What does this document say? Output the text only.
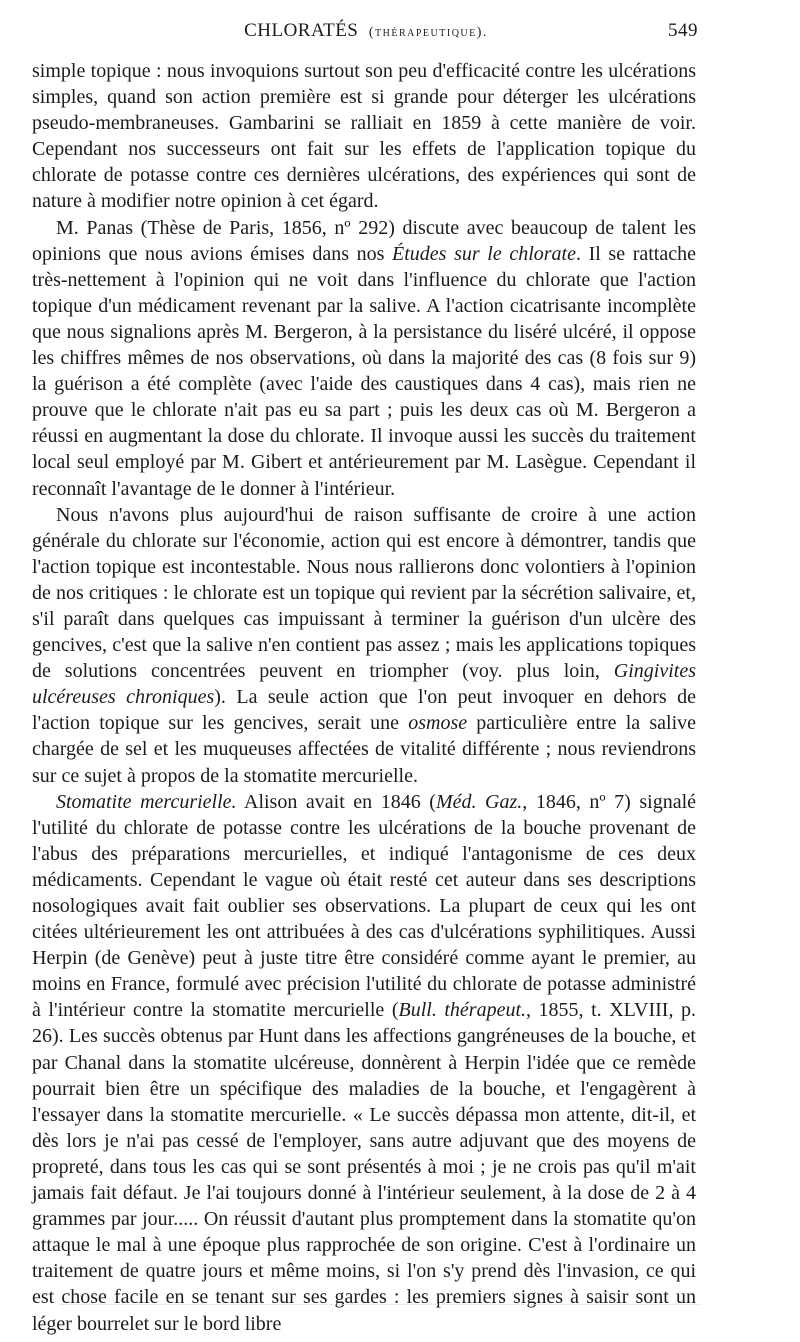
CHLORATÉS (thérapeutique).	549

simple topique : nous invoquions surtout son peu d'efficacité contre les ulcérations simples, quand son action première est si grande pour déterger les ulcérations pseudo-membraneuses. Gambarini se ralliait en 1859 à cette manière de voir. Cependant nos successeurs ont fait sur les effets de l'application topique du chlorate de potasse contre ces dernières ulcérations, des expériences qui sont de nature à modifier notre opinion à cet égard.

M. Panas (Thèse de Paris, 1856, nº 292) discute avec beaucoup de talent les opinions que nous avions émises dans nos Études sur le chlorate. Il se rattache très-nettement à l'opinion qui ne voit dans l'influence du chlorate que l'action topique d'un médicament revenant par la salive. A l'action cicatrisante incomplète que nous signalions après M. Bergeron, à la persistance du liséré ulcéré, il oppose les chiffres mêmes de nos observations, où dans la majorité des cas (8 fois sur 9) la guérison a été complète (avec l'aide des caustiques dans 4 cas), mais rien ne prouve que le chlorate n'ait pas eu sa part ; puis les deux cas où M. Bergeron a réussi en augmentant la dose du chlorate. Il invoque aussi les succès du traitement local seul employé par M. Gibert et antérieurement par M. Lasègue. Cependant il reconnaît l'avantage de le donner à l'intérieur.

Nous n'avons plus aujourd'hui de raison suffisante de croire à une action générale du chlorate sur l'économie, action qui est encore à démontrer, tandis que l'action topique est incontestable. Nous nous rallierons donc volontiers à l'opinion de nos critiques : le chlorate est un topique qui revient par la sécrétion salivaire, et, s'il paraît dans quelques cas impuissant à terminer la guérison d'un ulcère des gencives, c'est que la salive n'en contient pas assez ; mais les applications topiques de solutions concentrées peuvent en triompher (voy. plus loin, Gingivites ulcéreuses chroniques). La seule action que l'on peut invoquer en dehors de l'action topique sur les gencives, serait une osmose particulière entre la salive chargée de sel et les muqueuses affectées de vitalité différente ; nous reviendrons sur ce sujet à propos de la stomatite mercurielle.

Stomatite mercurielle. Alison avait en 1846 (Méd. Gaz., 1846, nº 7) signalé l'utilité du chlorate de potasse contre les ulcérations de la bouche provenant de l'abus des préparations mercurielles, et indiqué l'antagonisme de ces deux médicaments. Cependant le vague où était resté cet auteur dans ses descriptions nosologiques avait fait oublier ses observations. La plupart de ceux qui les ont citées ultérieurement les ont attribuées à des cas d'ulcérations syphilitiques. Aussi Herpin (de Genève) peut à juste titre être considéré comme ayant le premier, au moins en France, formulé avec précision l'utilité du chlorate de potasse administré à l'intérieur contre la stomatite mercurielle (Bull. thérapeut., 1855, t. XLVIII, p. 26). Les succès obtenus par Hunt dans les affections gangréneuses de la bouche, et par Chanal dans la stomatite ulcéreuse, donnèrent à Herpin l'idée que ce remède pourrait bien être un spécifique des maladies de la bouche, et l'engagèrent à l'essayer dans la stomatite mercurielle. « Le succès dépassa mon attente, dit-il, et dès lors je n'ai pas cessé de l'employer, sans autre adjuvant que des moyens de propreté, dans tous les cas qui se sont présentés à moi ; je ne crois pas qu'il m'ait jamais fait défaut. Je l'ai toujours donné à l'intérieur seulement, à la dose de 2 à 4 grammes par jour..... On réussit d'autant plus promptement dans la stomatite qu'on attaque le mal à une époque plus rapprochée de son origine. C'est à l'ordinaire un traitement de quatre jours et même moins, si l'on s'y prend dès l'invasion, ce qui est chose facile en se tenant sur ses gardes : les premiers signes à saisir sont un léger bourrelet sur le bord libre
